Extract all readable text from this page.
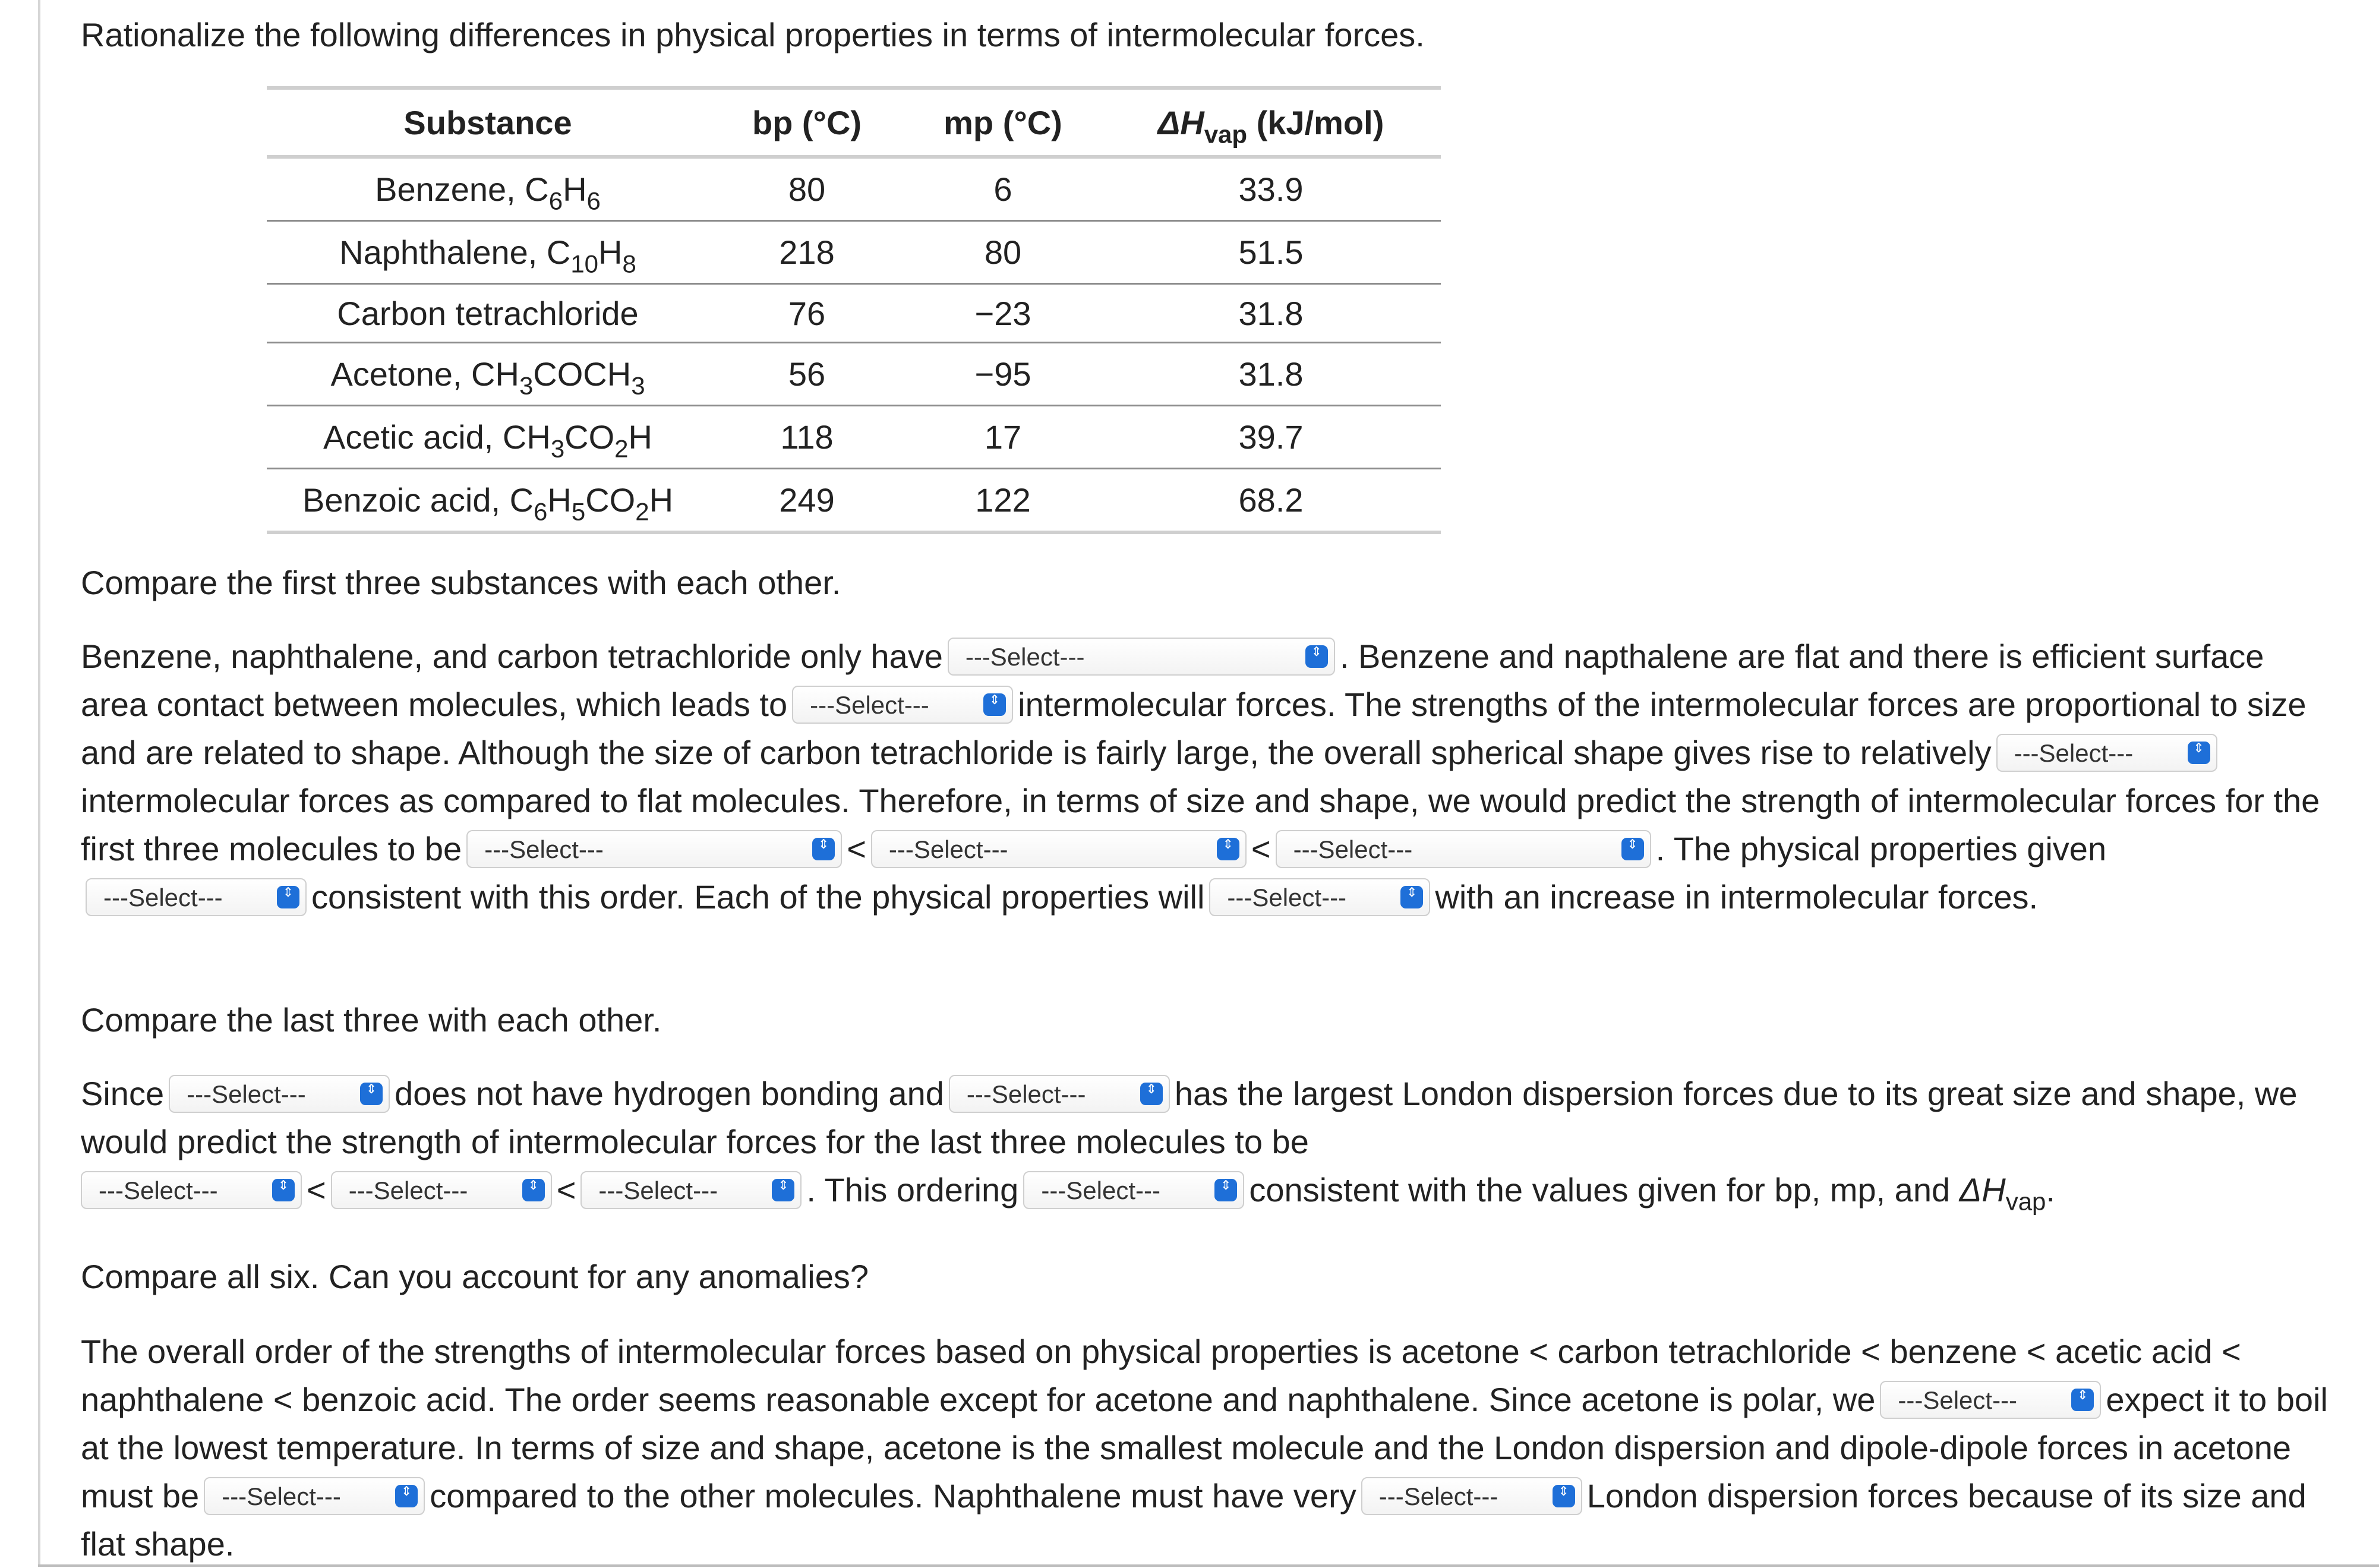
Rationalize the following differences in physical properties in terms of intermolecular forces.

Substance	bp (°C)	mp (°C)	$\Delta H_{vap}$ (kJ/mol)
Benzene, $C_6H_6$	80	6	33.9
Naphthalene, $C_{10}H_8$	218	80	51.5
Carbon tetrachloride	76	−23	31.8
Acetone, $CH_3COCH_3$	56	−95	31.8
Acetic acid, $CH_3CO_2H$	118	17	39.7
Benzoic acid, $C_6H_5CO_2H$	249	122	68.2

Compare the first three substances with each other.

Benzene, naphthalene, and carbon tetrachloride only have ---Select---	⇕ . Benzene and napthalene are flat and there is efficient surface area contact between molecules, which leads to ---Select---	⇕ intermolecular forces. The strengths of the intermolecular forces are proportional to size and are related to shape. Although the size of carbon tetrachloride is fairly large, the overall spherical shape gives rise to relatively ---Select---	⇕
intermolecular forces as compared to flat molecules. Therefore, in terms of size and shape, we would predict the strength of intermolecular forces for the first three molecules to be ---Select---	⇕ < ---Select---	⇕ < ---Select---	⇕ . The physical properties given---Select---	⇕ consistent with this order. Each of the physical properties will ---Select---	⇕ with an increase in intermolecular forces.

Compare the last three with each other.

Since ---Select---	⇕ does not have hydrogen bonding and ---Select---	⇕ has the largest London dispersion forces due to its great size and shape, we would predict the strength of intermolecular forces for the last three molecules to be
---Select---	⇕ < ---Select---	⇕ < ---Select---	⇕ . This ordering ---Select---	⇕ consistent with the values given for bp, mp, and $\Delta H_{vap}$.

Compare all six. Can you account for any anomalies?

The overall order of the strengths of intermolecular forces based on physical properties is acetone < carbon tetrachloride < benzene < acetic acid < naphthalene < benzoic acid. The order seems reasonable except for acetone and naphthalene. Since acetone is polar, we ---Select---	⇕ expect it to boil at the lowest temperature. In terms of size and shape, acetone is the smallest molecule and the London dispersion and dipole-dipole forces in acetone must be ---Select---	⇕ compared to the other molecules. Naphthalene must have very ---Select---	⇕ London dispersion forces because of its size and flat shape.
